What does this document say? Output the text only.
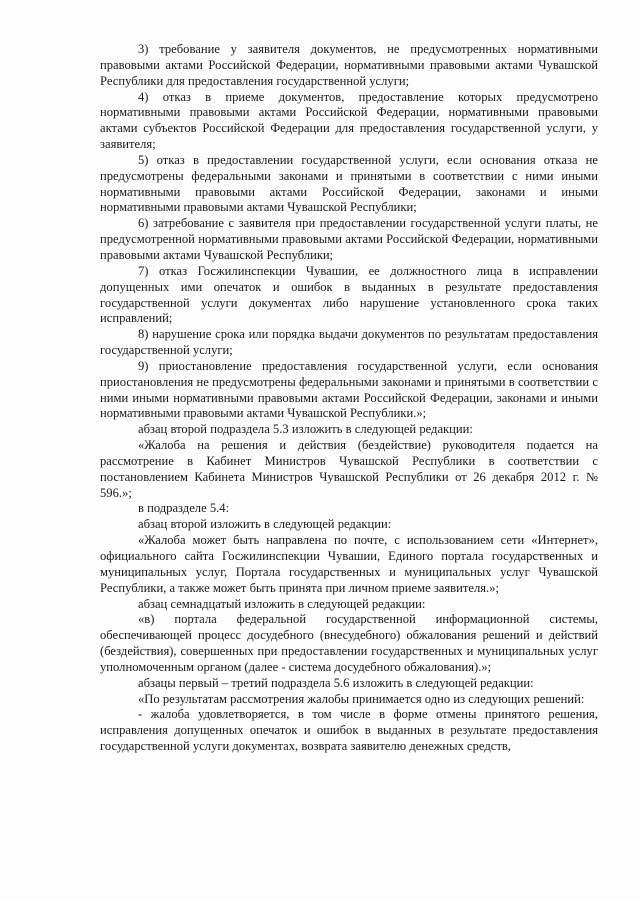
3) требование у заявителя документов, не предусмотренных нормативными правовыми актами Российской Федерации, нормативными правовыми актами Чувашской Республики для предоставления государственной услуги;

4) отказ в приеме документов, предоставление которых предусмотрено нормативными правовыми актами Российской Федерации, нормативными правовыми актами субъектов Российской Федерации для предоставления государственной услуги, у заявителя;

5) отказ в предоставлении государственной услуги, если основания отказа не предусмотрены федеральными законами и принятыми в соответствии с ними иными нормативными правовыми актами Российской Федерации, законами и иными нормативными правовыми актами Чувашской Республики;

6) затребование с заявителя при предоставлении государственной услуги платы, не предусмотренной нормативными правовыми актами Российской Федерации, нормативными правовыми актами Чувашской Республики;

7) отказ Госжилинспекции Чувашии, ее должностного лица в исправлении допущенных ими опечаток и ошибок в выданных в результате предоставления государственной услуги документах либо нарушение установленного срока таких исправлений;

8) нарушение срока или порядка выдачи документов по результатам предоставления государственной услуги;

9) приостановление предоставления государственной услуги, если основания приостановления не предусмотрены федеральными законами и принятыми в соответствии с ними иными нормативными правовыми актами Российской Федерации, законами и иными нормативными правовыми актами Чувашской Республики.»;

абзац второй подраздела 5.3 изложить в следующей редакции:

«Жалоба на решения и действия (бездействие) руководителя подается на рассмотрение в Кабинет Министров Чувашской Республики в соответствии с постановлением Кабинета Министров Чувашской Республики от 26 декабря 2012 г. № 596.»;

в подразделе 5.4:

абзац второй изложить в следующей редакции:

«Жалоба может быть направлена по почте, с использованием сети «Интернет», официального сайта Госжилинспекции Чувашии, Единого портала государственных и муниципальных услуг, Портала государственных и муниципальных услуг Чувашской Республики, а также может быть принята при личном приеме заявителя.»;

абзац семнадцатый изложить в следующей редакции:

«в) портала федеральной государственной информационной системы, обеспечивающей процесс досудебного (внесудебного) обжалования решений и действий (бездействия), совершенных при предоставлении государственных и муниципальных услуг уполномоченным органом (далее - система досудебного обжалования).»;

абзацы первый – третий подраздела 5.6 изложить в следующей редакции:

«По результатам рассмотрения жалобы принимается одно из следующих решений:

- жалоба удовлетворяется, в том числе в форме отмены принятого решения, исправления допущенных опечаток и ошибок в выданных в результате предоставления государственной услуги документах, возврата заявителю денежных средств,
